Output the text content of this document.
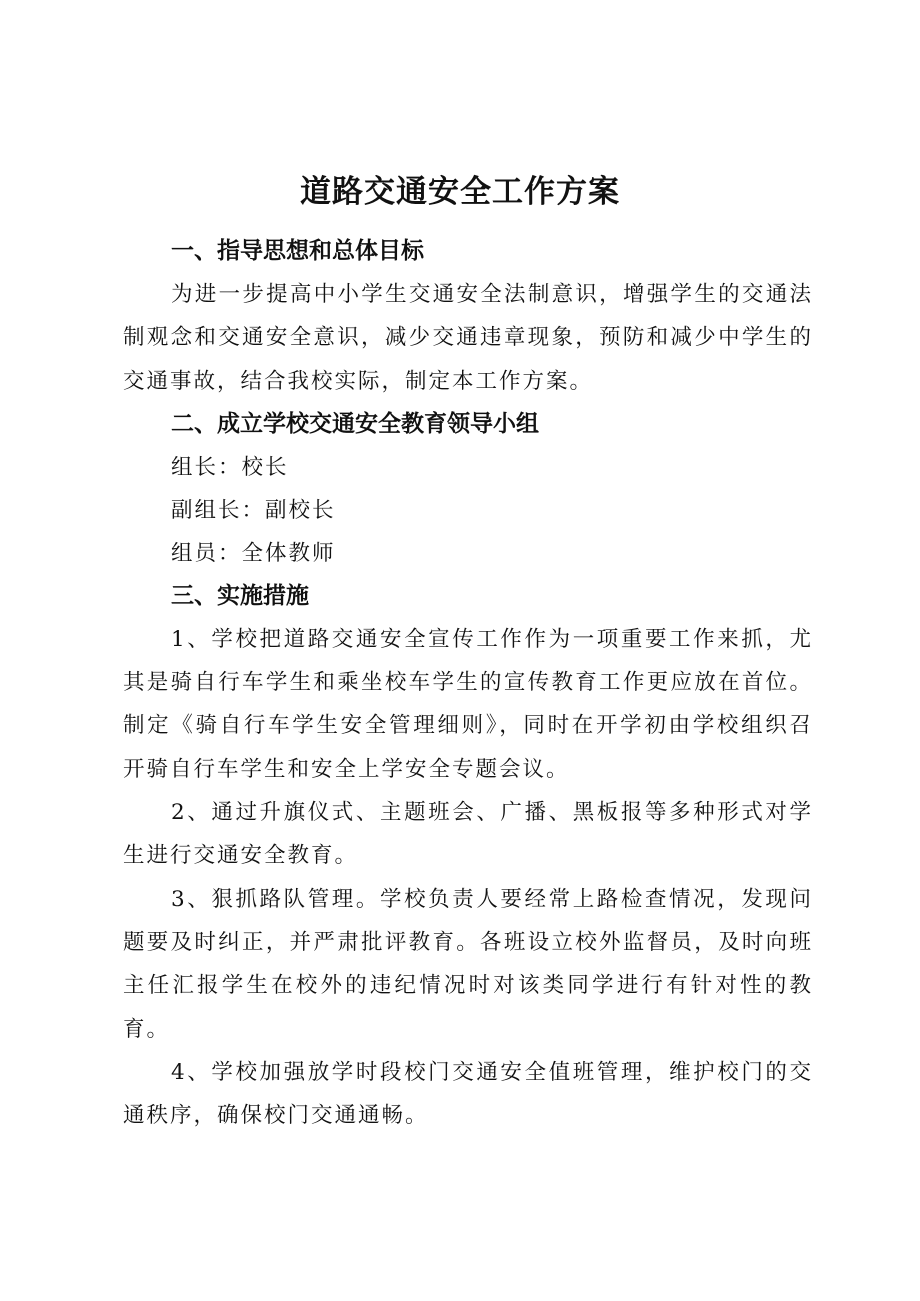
道路交通安全工作方案

一、指导思想和总体目标

为进一步提高中小学生交通安全法制意识，增强学生的交通法制观念和交通安全意识，减少交通违章现象，预防和减少中学生的交通事故，结合我校实际，制定本工作方案。

二、成立学校交通安全教育领导小组

组长：校长

副组长：副校长

组员：全体教师

三、实施措施

1、学校把道路交通安全宣传工作作为一项重要工作来抓，尤其是骑自行车学生和乘坐校车学生的宣传教育工作更应放在首位。制定《骑自行车学生安全管理细则》，同时在开学初由学校组织召开骑自行车学生和安全上学安全专题会议。

2、通过升旗仪式、主题班会、广播、黑板报等多种形式对学生进行交通安全教育。

3、狠抓路队管理。学校负责人要经常上路检查情况，发现问题要及时纠正，并严肃批评教育。各班设立校外监督员，及时向班主任汇报学生在校外的违纪情况时对该类同学进行有针对性的教育。

4、学校加强放学时段校门交通安全值班管理，维护校门的交通秩序，确保校门交通通畅。
